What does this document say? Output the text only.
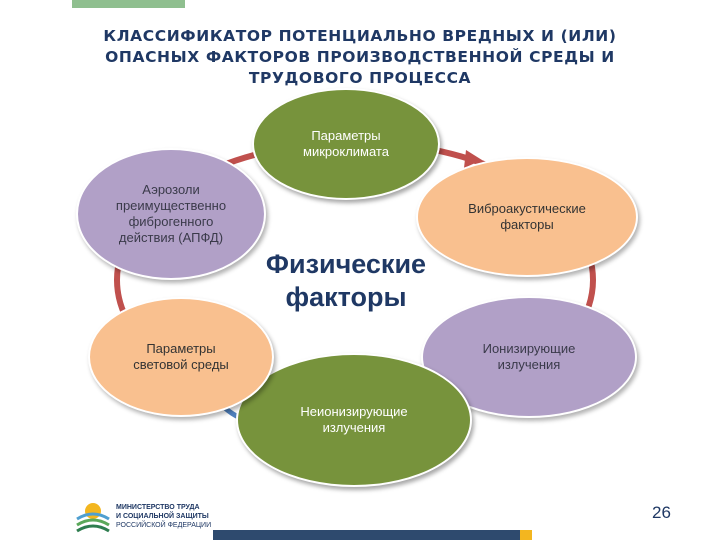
КЛАССИФИКАТОР ПОТЕНЦИАЛЬНО ВРЕДНЫХ И (ИЛИ)
ОПАСНЫХ ФАКТОРОВ ПРОИЗВОДСТВЕННОЙ СРЕДЫ И
ТРУДОВОГО ПРОЦЕССА
Параметры
микроклимата
Виброакустические
факторы
Ионизирующие
излучения
Неионизирующие
излучения
Параметры
световой среды
Аэрозоли
преимущественно
фиброгенного
действия (АПФД)
Физические
факторы
МИНИСТЕРСТВО ТРУДА
И СОЦИАЛЬНОЙ ЗАЩИТЫ
РОССИЙСКОЙ ФЕДЕРАЦИИ
26
